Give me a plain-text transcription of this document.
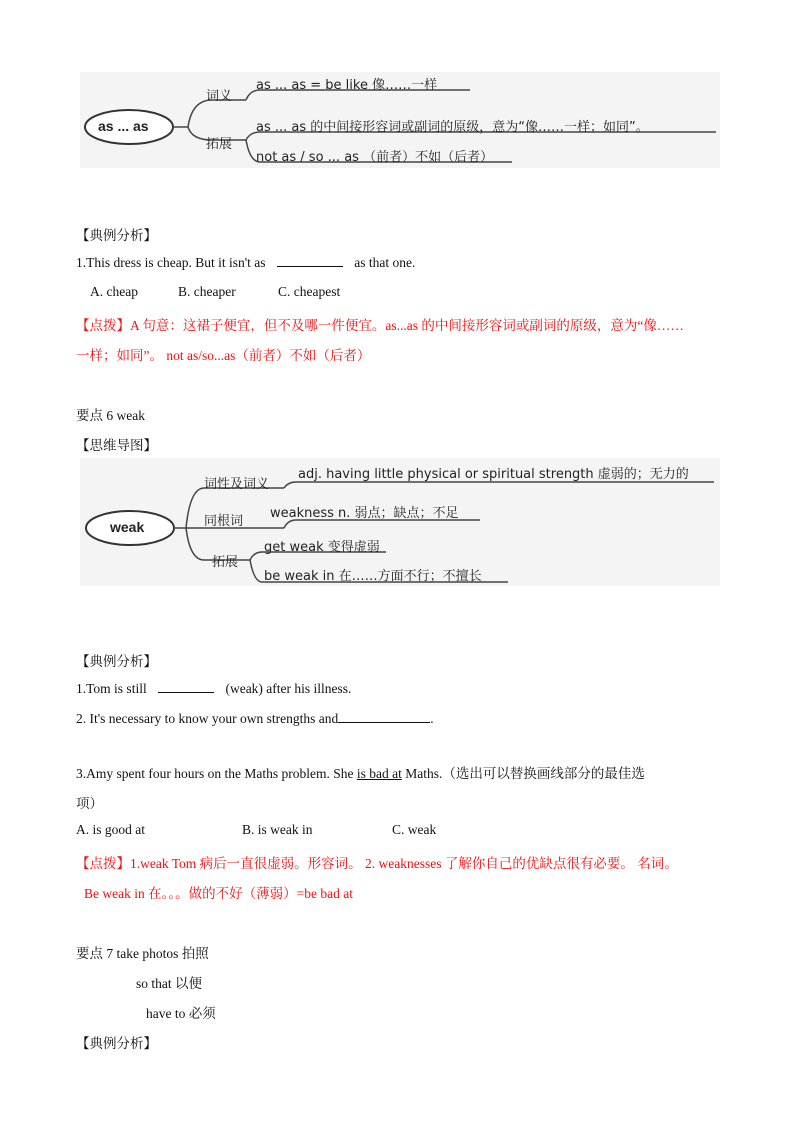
as ... as
词义
as ... as = be like 像……一样
拓展
as ... as 的中间接形容词或副词的原级，意为“像……一样；如同”。
not as / so ... as （前者）不如（后者）
【典例分析】
1.This dress is cheap. But it isn't as	as that one.
A. cheap	B. cheaper	C. cheapest
【点拨】A 句意：这裙子便宜，但不及哪一件便宜。as...as 的中间接形容词或副词的原级，意为“像……
一样；如同”。 not as/so...as（前者）不如（后者）
要点 6 weak
【思维导图】
weak
词性及词义
adj. having little physical or spiritual strength 虚弱的；无力的
同根词
weakness n. 弱点；缺点；不足
拓展
get weak 变得虚弱
be weak in 在……方面不行；不擅长
【典例分析】
1.Tom is still	(weak) after his illness.
2. It's necessary to know your own strengths and	.
3.Amy spent four hours on the Maths problem. She is bad at Maths.（选出可以替换画线部分的最佳选
项）
A. is good at	B. is weak in	C. weak
【点拨】1.weak Tom 病后一直很虚弱。形容词。 2. weaknesses 了解你自己的优缺点很有必要。 名词。
Be weak in 在。。。做的不好（薄弱）=be bad at
要点 7 take photos 拍照
so that 以便
have to 必须
【典例分析】
